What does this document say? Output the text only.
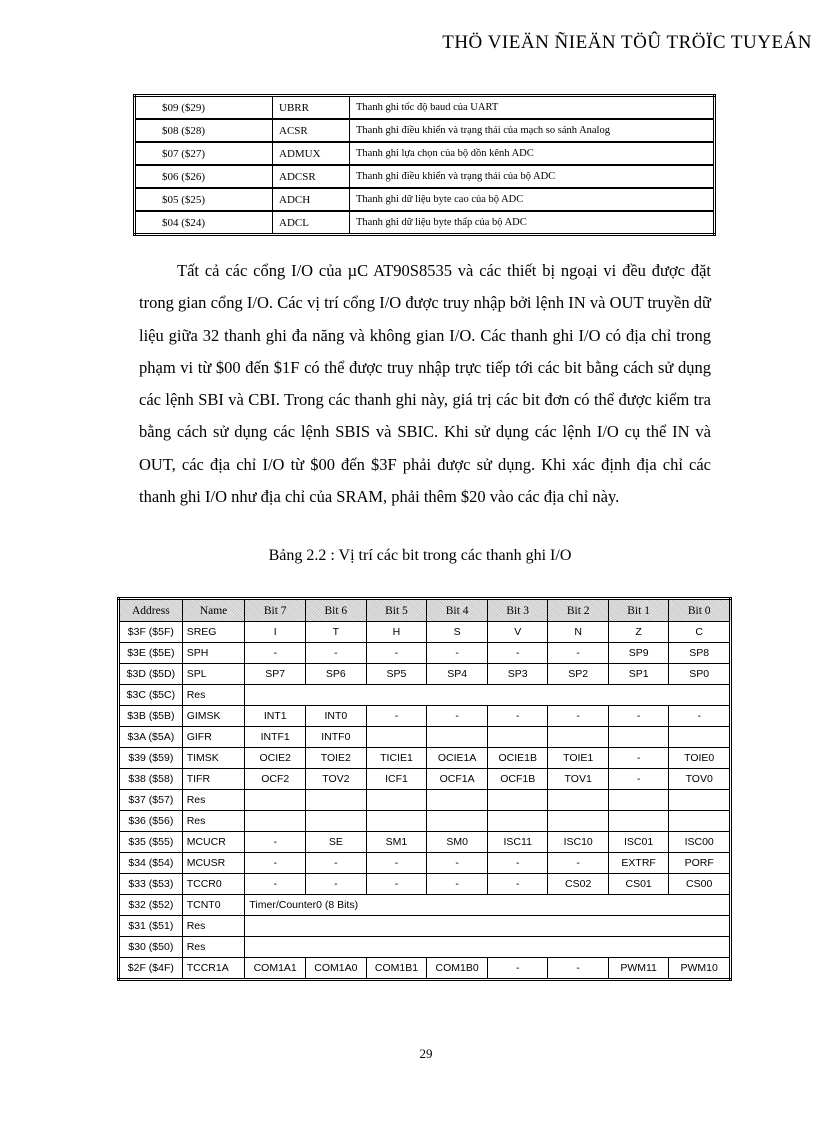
THÖ VIEÄN ÑIEÄN TÖÛ TRÖÏC TUYEÁN
$09 ($29)	UBRR	Thanh ghi tốc độ baud của UART
$08 ($28)	ACSR	Thanh ghi điều khiển và trạng thái của mạch so sánh Analog
$07 ($27)	ADMUX	Thanh ghi lựa chọn của bộ dồn kênh ADC
$06 ($26)	ADCSR	Thanh ghi điều khiển và trạng thái của bộ ADC
$05 ($25)	ADCH	Thanh ghi dữ liệu byte cao của bộ ADC
$04 ($24)	ADCL	Thanh ghi dữ liệu byte thấp của bộ ADC

Tất cả các cổng I/O của µC AT90S8535 và các thiết bị ngoại vi đều được đặt trong gian cổng I/O. Các vị trí cổng I/O được truy nhập bởi lệnh IN và OUT truyền dữ liệu giữa 32 thanh ghi đa năng và không gian I/O. Các thanh ghi I/O có địa chỉ trong phạm vi từ $00 đến $1F có thể được truy nhập trực tiếp tới các bit bằng cách sử dụng các lệnh SBI và CBI. Trong các thanh ghi này, giá trị các bit đơn có thể được kiểm tra bằng cách sử dụng các lệnh SBIS và SBIC. Khi sử dụng các lệnh I/O cụ thể IN và OUT, các địa chỉ I/O từ $00 đến $3F phải được sử dụng. Khi xác định địa chỉ các thanh ghi I/O như địa chỉ của SRAM, phải thêm $20 vào các địa chỉ này.

Bảng 2.2 : Vị trí các bit trong các thanh ghi I/O
Address	Name	Bit 7	Bit 6	Bit 5	Bit 4	Bit 3	Bit 2	Bit 1	Bit 0
$3F ($5F)	SREG	I	T	H	S	V	N	Z	C
$3E ($5E)	SPH	-	-	-	-	-	-	SP9	SP8
$3D ($5D)	SPL	SP7	SP6	SP5	SP4	SP3	SP2	SP1	SP0
$3C ($5C)	Res								
$3B ($5B)	GIMSK	INT1	INT0	-	-	-	-	-	-
$3A ($5A)	GIFR	INTF1	INTF0						
$39 ($59)	TIMSK	OCIE2	TOIE2	TICIE1	OCIE1A	OCIE1B	TOIE1	-	TOIE0
$38 ($58)	TIFR	OCF2	TOV2	ICF1	OCF1A	OCF1B	TOV1	-	TOV0
$37 ($57)	Res								
$36 ($56)	Res								
$35 ($55)	MCUCR	-	SE	SM1	SM0	ISC11	ISC10	ISC01	ISC00
$34 ($54)	MCUSR	-	-	-	-	-	-	EXTRF	PORF
$33 ($53)	TCCR0	-	-	-	-	-	CS02	CS01	CS00
$32 ($52)	TCNT0	Timer/Counter0 (8 Bits)							
$31 ($51)	Res								
$30 ($50)	Res								
$2F ($4F)	TCCR1A	COM1A1	COM1A0	COM1B1	COM1B0	-	-	PWM11	PWM10
29
